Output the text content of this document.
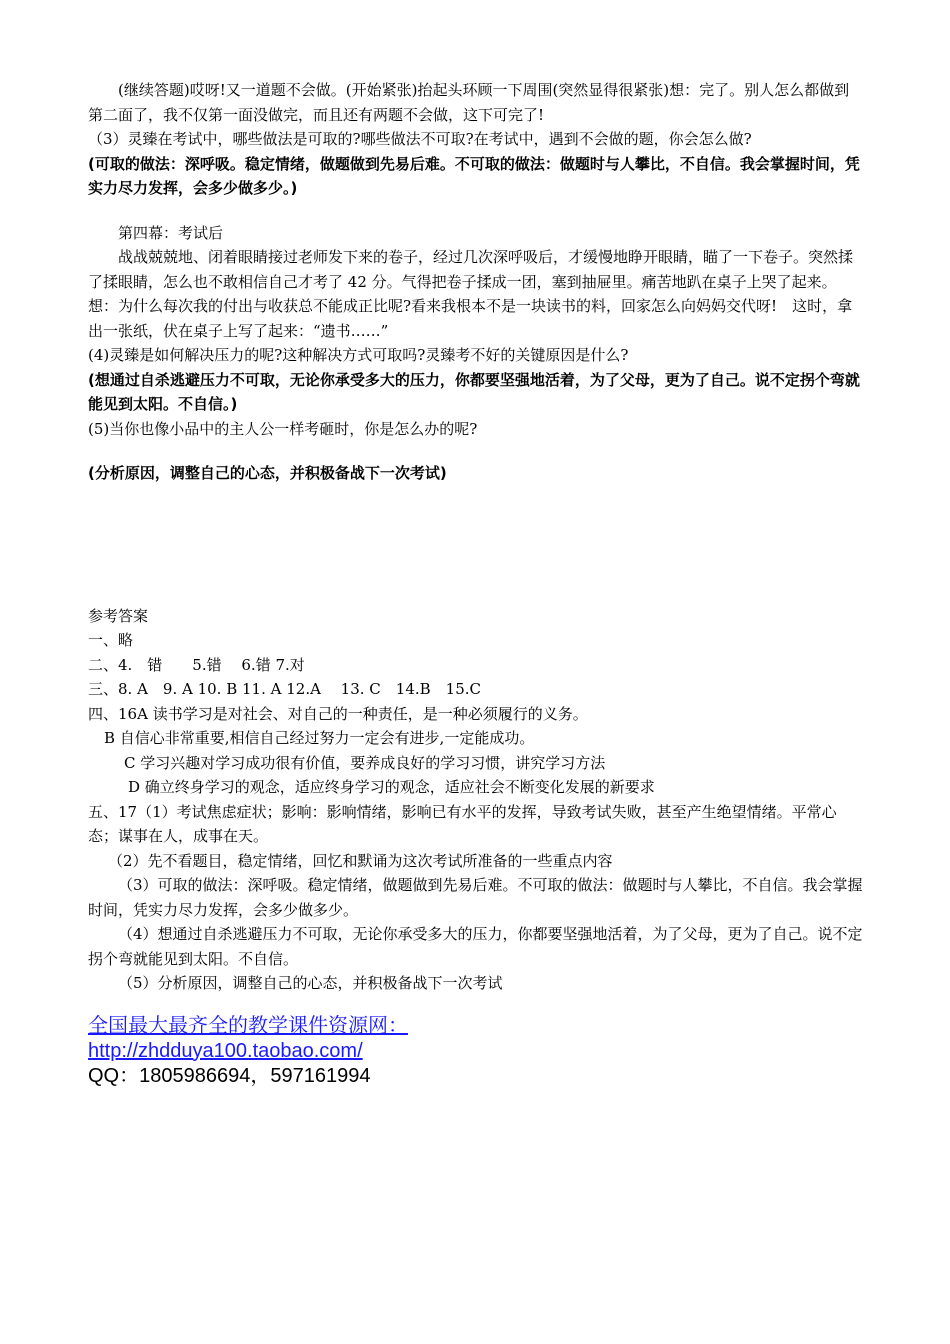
(继续答题)哎呀!又一道题不会做。(开始紧张)抬起头环顾一下周围(突然显得很紧张)想：完了。别人怎么都做到第二面了，我不仅第一面没做完，而且还有两题不会做，这下可完了!

（3）灵臻在考试中，哪些做法是可取的?哪些做法不可取?在考试中，遇到不会做的题，你会怎么做?

(可取的做法：深呼吸。稳定情绪，做题做到先易后难。不可取的做法：做题时与人攀比，不自信。我会掌握时间，凭实力尽力发挥，会多少做多少。)

第四幕：考试后

战战兢兢地、闭着眼睛接过老师发下来的卷子，经过几次深呼吸后，才缓慢地睁开眼睛，瞄了一下卷子。突然揉了揉眼睛，怎么也不敢相信自己才考了 42 分。气得把卷子揉成一团，塞到抽屉里。痛苦地趴在桌子上哭了起来。想：为什么每次我的付出与收获总不能成正比呢?看来我根本不是一块读书的料，回家怎么向妈妈交代呀!　这时，拿出一张纸，伏在桌子上写了起来：“遗书……”

(4)灵臻是如何解决压力的呢?这种解决方式可取吗?灵臻考不好的关键原因是什么?

(想通过自杀逃避压力不可取，无论你承受多大的压力，你都要坚强地活着，为了父母，更为了自己。说不定拐个弯就能见到太阳。不自信。)

(5)当你也像小品中的主人公一样考砸时，你是怎么办的呢?

(分析原因，调整自己的心态，并积极备战下一次考试)

参考答案

一、略

二、4.　错　　5.错　 6.错 7.对

三、8. A　9. A 10. B 11. A 12.A　 13. C　14.B　15.C

四、16A 读书学习是对社会、对自己的一种责任，是一种必须履行的义务。

B 自信心非常重要,相信自己经过努力一定会有进步,一定能成功。

C 学习兴趣对学习成功很有价值，要养成良好的学习习惯，讲究学习方法

D 确立终身学习的观念，适应终身学习的观念，适应社会不断变化发展的新要求

五、17（1）考试焦虑症状；影响：影响情绪，影响已有水平的发挥，导致考试失败，甚至产生绝望情绪。平常心态；谋事在人，成事在天。

（2）先不看题目，稳定情绪，回忆和默诵为这次考试所准备的一些重点内容

（3）可取的做法：深呼吸。稳定情绪，做题做到先易后难。不可取的做法：做题时与人攀比，不自信。我会掌握时间，凭实力尽力发挥，会多少做多少。

（4）想通过自杀逃避压力不可取，无论你承受多大的压力，你都要坚强地活着，为了父母，更为了自己。说不定拐个弯就能见到太阳。不自信。

（5）分析原因，调整自己的心态，并积极备战下一次考试

全国最大最齐全的教学课件资源网：
http://zhdduya100.taobao.com/
QQ：1805986694，597161994
